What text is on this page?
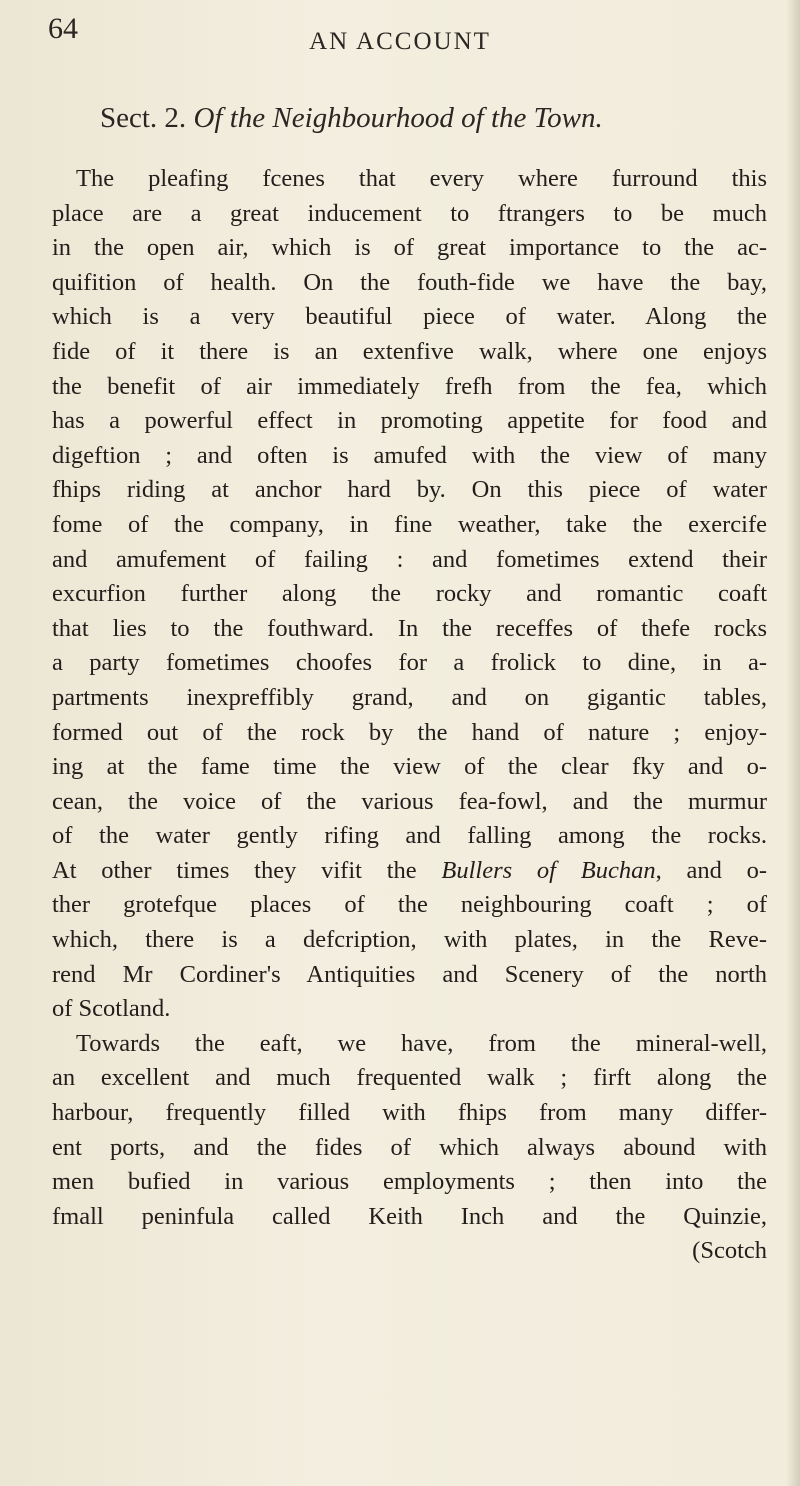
64	AN ACCOUNT
Sect. 2. Of the Neighbourhood of the Town.
The pleafing fcenes that every where furround this
place are a great inducement to ftrangers to be much
in the open air, which is of great importance to the ac-
quifition of health. On the fouth-fide we have the bay,
which is a very beautiful piece of water. Along the
fide of it there is an extenfive walk, where one enjoys
the benefit of air immediately frefh from the fea, which
has a powerful effect in promoting appetite for food and
digeftion ; and often is amufed with the view of many
fhips riding at anchor hard by. On this piece of water
fome of the company, in fine weather, take the exercife
and amufement of failing : and fometimes extend their
excurfion further along the rocky and romantic coaft
that lies to the fouthward. In the receffes of thefe rocks
a party fometimes choofes for a frolick to dine, in a-
partments inexpreffibly grand, and on gigantic tables,
formed out of the rock by the hand of nature ; enjoy-
ing at the fame time the view of the clear fky and o-
cean, the voice of the various fea-fowl, and the murmur
of the water gently rifing and falling among the rocks.
At other times they vifit the Bullers of Buchan, and o-
ther grotefque places of the neighbouring coaft ; of
which, there is a defcription, with plates, in the Reve-
rend Mr Cordiner's Antiquities and Scenery of the north
of Scotland.
Towards the eaft, we have, from the mineral-well,
an excellent and much frequented walk ; firft along the
harbour, frequently filled with fhips from many differ-
ent ports, and the fides of which always abound with
men bufied in various employments ; then into the
fmall peninfula called Keith Inch and the Quinzie,
(Scotch
